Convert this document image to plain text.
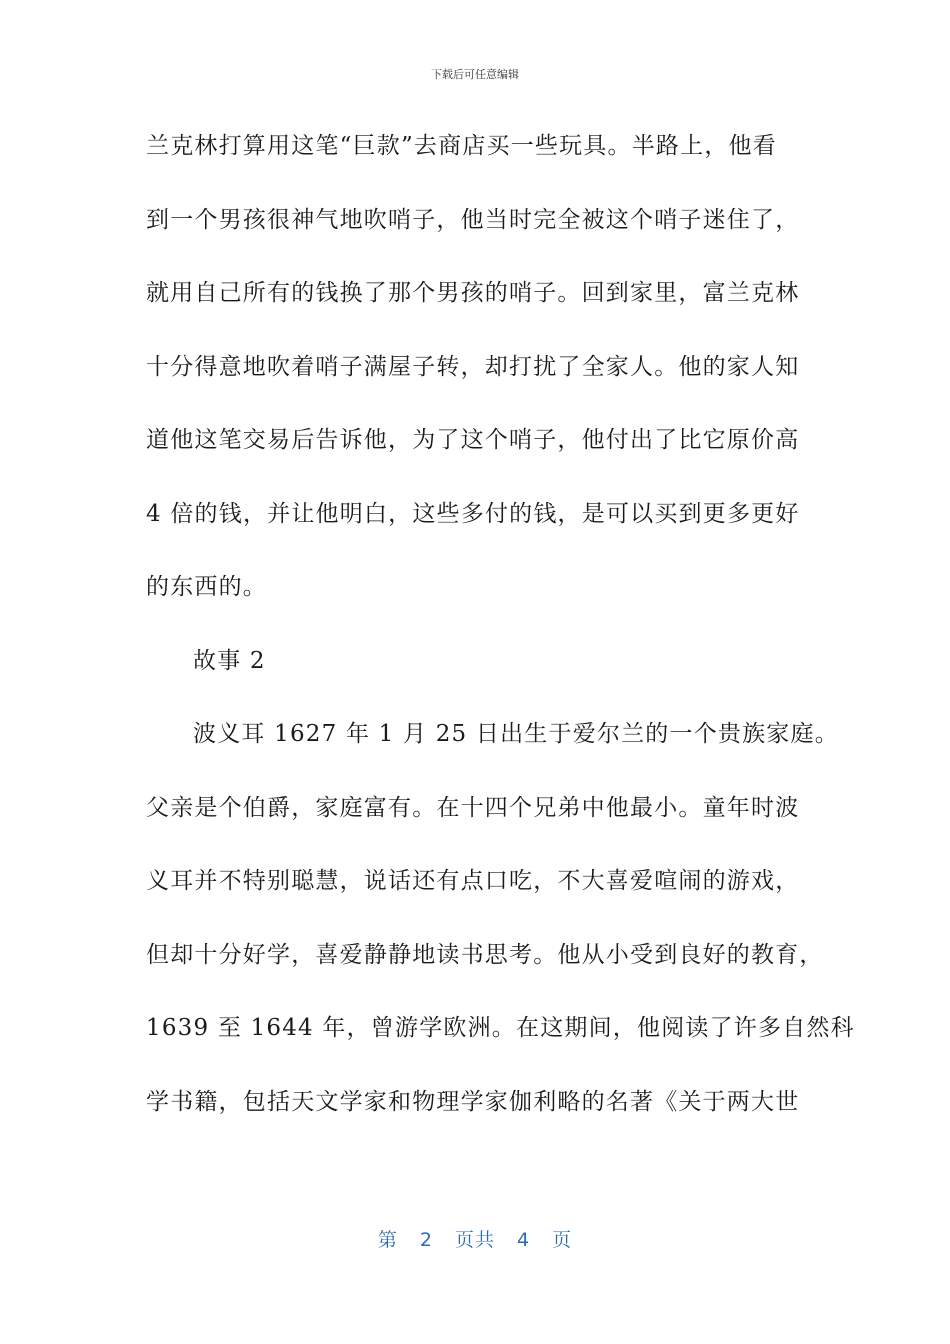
下载后可任意编辑
兰克林打算用这笔“巨款”去商店买一些玩具。半路上，他看
到一个男孩很神气地吹哨子，他当时完全被这个哨子迷住了，
就用自己所有的钱换了那个男孩的哨子。回到家里，富兰克林
十分得意地吹着哨子满屋子转，却打扰了全家人。他的家人知
道他这笔交易后告诉他，为了这个哨子，他付出了比它原价高
4 倍的钱，并让他明白，这些多付的钱，是可以买到更多更好
的东西的。
故事 2
波义耳 1627 年 1 月 25 日出生于爱尔兰的一个贵族家庭。
父亲是个伯爵，家庭富有。在十四个兄弟中他最小。童年时波
义耳并不特别聪慧，说话还有点口吃，不大喜爱喧闹的游戏，
但却十分好学，喜爱静静地读书思考。他从小受到良好的教育，
1639 至 1644 年，曾游学欧洲。在这期间，他阅读了许多自然科
学书籍，包括天文学家和物理学家伽利略的名著《关于两大世
第 2 页共 4 页
